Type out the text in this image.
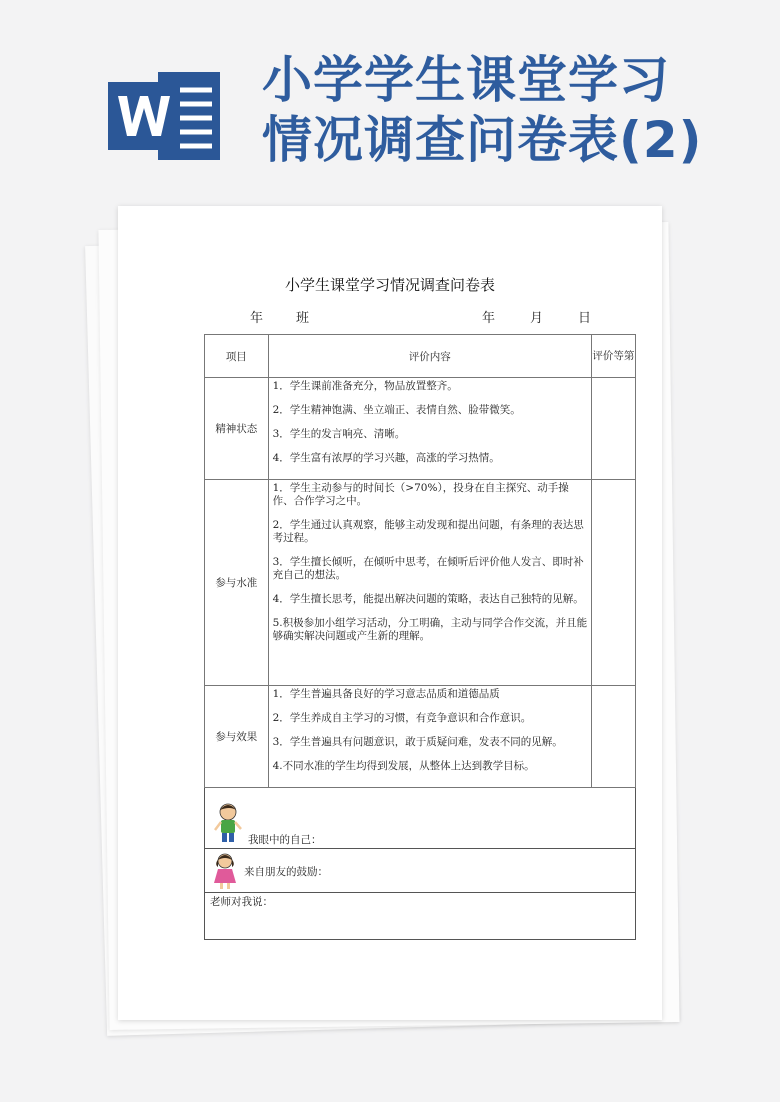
小学学生课堂学习
情况调查问卷表(2)
小学生课堂学习情况调查问卷表
年	班	年	月	日
项目	评价内容	评价等第
精神状态	1．学生课前准备充分，物品放置整齐。
2．学生精神饱满、坐立端正、表情自然、脸带微笑。
3．学生的发言响亮、清晰。
4．学生富有浓厚的学习兴趣，高涨的学习热情。	

参与水准	1．学生主动参与的时间长（>70%），投身在自主探究、动手操作、合作学习之中。
2．学生通过认真观察，能够主动发现和提出问题，有条理的表达思考过程。
3．学生擅长倾听，在倾听中思考，在倾听后评价他人发言、即时补充自己的想法。
4．学生擅长思考，能提出解决问题的策略，表达自己独特的见解。
5.积极参加小组学习活动，分工明确，主动与同学合作交流，并且能够确实解决问题或产生新的理解。	

参与效果	1．学生普遍具备良好的学习意志品质和道德品质
2．学生养成自主学习的习惯，有竞争意识和合作意识。
3．学生普遍具有问题意识，敢于质疑问难，发表不同的见解。
4.不同水准的学生均得到发展，从整体上达到教学目标。	

我眼中的自己：
来自朋友的鼓励：
老师对我说：
